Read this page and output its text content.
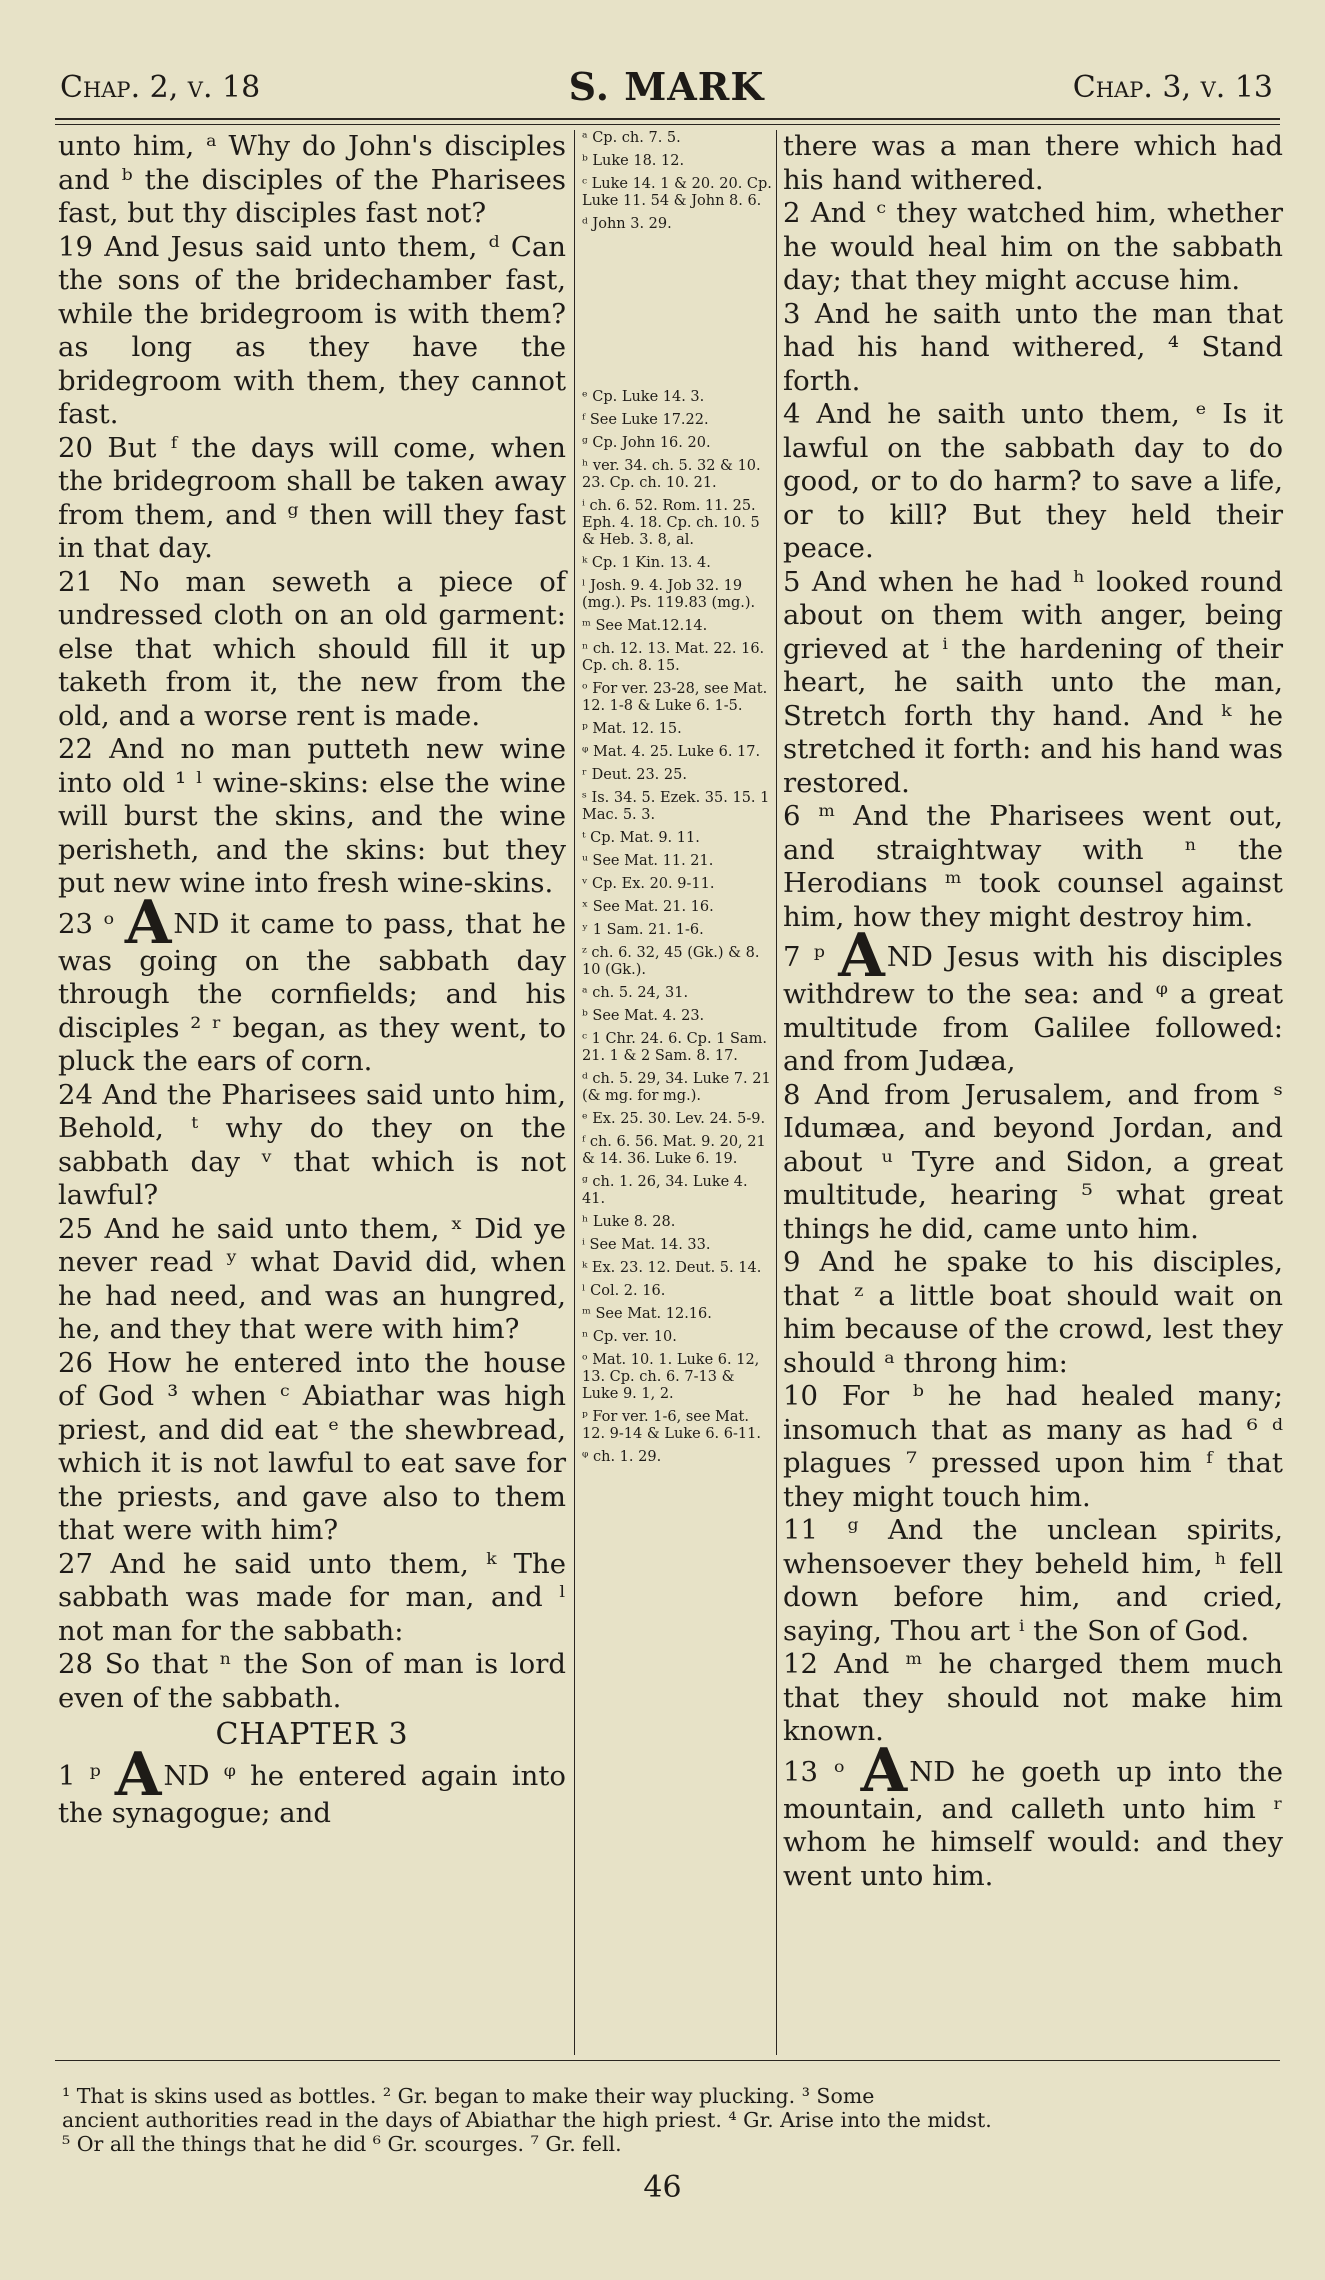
Chap. 2, v. 18	S. MARK	Chap. 3, v. 13

unto him, ᵃ Why do John's disciples and ᵇ the disciples of the Pharisees fast, but thy disciples fast not?

19 And Jesus said unto them, ᵈ Can the sons of the bridechamber fast, while the bridegroom is with them? as long as they have the bridegroom with them, they cannot fast.

20 But ᶠ the days will come, when the bridegroom shall be taken away from them, and ᵍ then will they fast in that day.

21 No man seweth a piece of undressed cloth on an old garment: else that which should fill it up taketh from it, the new from the old, and a worse rent is made.

22 And no man putteth new wine into old ¹ ˡ wine-skins: else the wine will burst the skins, and the wine perisheth, and the skins: but they put new wine into fresh wine-skins.

23 ᵒ AND it came to pass, that he was going on the sabbath day through the cornfields; and his disciples ² ʳ began, as they went, to pluck the ears of corn.

24 And the Pharisees said unto him, Behold, ᵗ why do they on the sabbath day ᵛ that which is not lawful?

25 And he said unto them, ˣ Did ye never read ʸ what David did, when he had need, and was an hungred, he, and they that were with him?

26 How he entered into the house of God ³ when ᶜ Abiathar was high priest, and did eat ᵉ the shewbread, which it is not lawful to eat save for the priests, and gave also to them that were with him?

27 And he said unto them, ᵏ The sabbath was made for man, and ˡ not man for the sabbath:

28 So that ⁿ the Son of man is lord even of the sabbath.

CHAPTER 3

1 ᵖ AND ᵠ he entered again into the synagogue; and

ᵃ Cp. ch. 7. 5.

ᵇ Luke 18. 12.

ᶜ Luke 14. 1 & 20. 20. Cp. Luke 11. 54 & John 8. 6.

ᵈ John 3. 29.

ᵉ Cp. Luke 14. 3.

ᶠ See Luke 17.22.

ᵍ Cp. John 16. 20.

ʰ ver. 34. ch. 5. 32 & 10. 23. Cp. ch. 10. 21.

ⁱ ch. 6. 52. Rom. 11. 25. Eph. 4. 18. Cp. ch. 10. 5 & Heb. 3. 8, al.

ᵏ Cp. 1 Kin. 13. 4.

ˡ Josh. 9. 4. Job 32. 19 (mg.). Ps. 119.83 (mg.).

ᵐ See Mat.12.14.

ⁿ ch. 12. 13. Mat. 22. 16. Cp. ch. 8. 15.

ᵒ For ver. 23-28, see Mat. 12. 1-8 & Luke 6. 1-5.

ᵖ Mat. 12. 15.

ᵠ Mat. 4. 25. Luke 6. 17.

ʳ Deut. 23. 25.

ˢ Is. 34. 5. Ezek. 35. 15. 1 Mac. 5. 3.

ᵗ Cp. Mat. 9. 11.

ᵘ See Mat. 11. 21.

ᵛ Cp. Ex. 20. 9-11.

ˣ See Mat. 21. 16.

ʸ 1 Sam. 21. 1-6.

ᶻ ch. 6. 32, 45 (Gk.) & 8. 10 (Gk.).

ᵃ ch. 5. 24, 31.

ᵇ See Mat. 4. 23.

ᶜ 1 Chr. 24. 6. Cp. 1 Sam. 21. 1 & 2 Sam. 8. 17.

ᵈ ch. 5. 29, 34. Luke 7. 21 (& mg. for mg.).

ᵉ Ex. 25. 30. Lev. 24. 5-9.

ᶠ ch. 6. 56. Mat. 9. 20, 21 & 14. 36. Luke 6. 19.

ᵍ ch. 1. 26, 34. Luke 4. 41.

ʰ Luke 8. 28.

ⁱ See Mat. 14. 33.

ᵏ Ex. 23. 12. Deut. 5. 14.

ˡ Col. 2. 16.

ᵐ See Mat. 12.16.

ⁿ Cp. ver. 10.

ᵒ Mat. 10. 1. Luke 6. 12, 13. Cp. ch. 6. 7-13 & Luke 9. 1, 2.

ᵖ For ver. 1-6, see Mat. 12. 9-14 & Luke 6. 6-11.

ᵠ ch. 1. 29.

there was a man there which had his hand withered.

2 And ᶜ they watched him, whether he would heal him on the sabbath day; that they might accuse him.

3 And he saith unto the man that had his hand withered, ⁴ Stand forth.

4 And he saith unto them, ᵉ Is it lawful on the sabbath day to do good, or to do harm? to save a life, or to kill? But they held their peace.

5 And when he had ʰ looked round about on them with anger, being grieved at ⁱ the hardening of their heart, he saith unto the man, Stretch forth thy hand. And ᵏ he stretched it forth: and his hand was restored.

6 ᵐ And the Pharisees went out, and straightway with ⁿ the Herodians ᵐ took counsel against him, how they might destroy him.

7 ᵖ AND Jesus with his disciples withdrew to the sea: and ᵠ a great multitude from Galilee followed: and from Judæa,

8 And from Jerusalem, and from ˢ Idumæa, and beyond Jordan, and about ᵘ Tyre and Sidon, a great multitude, hearing ⁵ what great things he did, came unto him.

9 And he spake to his disciples, that ᶻ a little boat should wait on him because of the crowd, lest they should ᵃ throng him:

10 For ᵇ he had healed many; insomuch that as many as had ⁶ ᵈ plagues ⁷ pressed upon him ᶠ that they might touch him.

11 ᵍ And the unclean spirits, whensoever they beheld him, ʰ fell down before him, and cried, saying, Thou art ⁱ the Son of God.

12 And ᵐ he charged them much that they should not make him known.

13 ᵒ AND he goeth up into the mountain, and calleth unto him ʳ whom he himself would: and they went unto him.

¹ That is skins used as bottles. ² Gr. began to make their way plucking. ³ Some

ancient authorities read in the days of Abiathar the high priest. ⁴ Gr. Arise into the midst.

⁵ Or all the things that he did ⁶ Gr. scourges. ⁷ Gr. fell.

46
